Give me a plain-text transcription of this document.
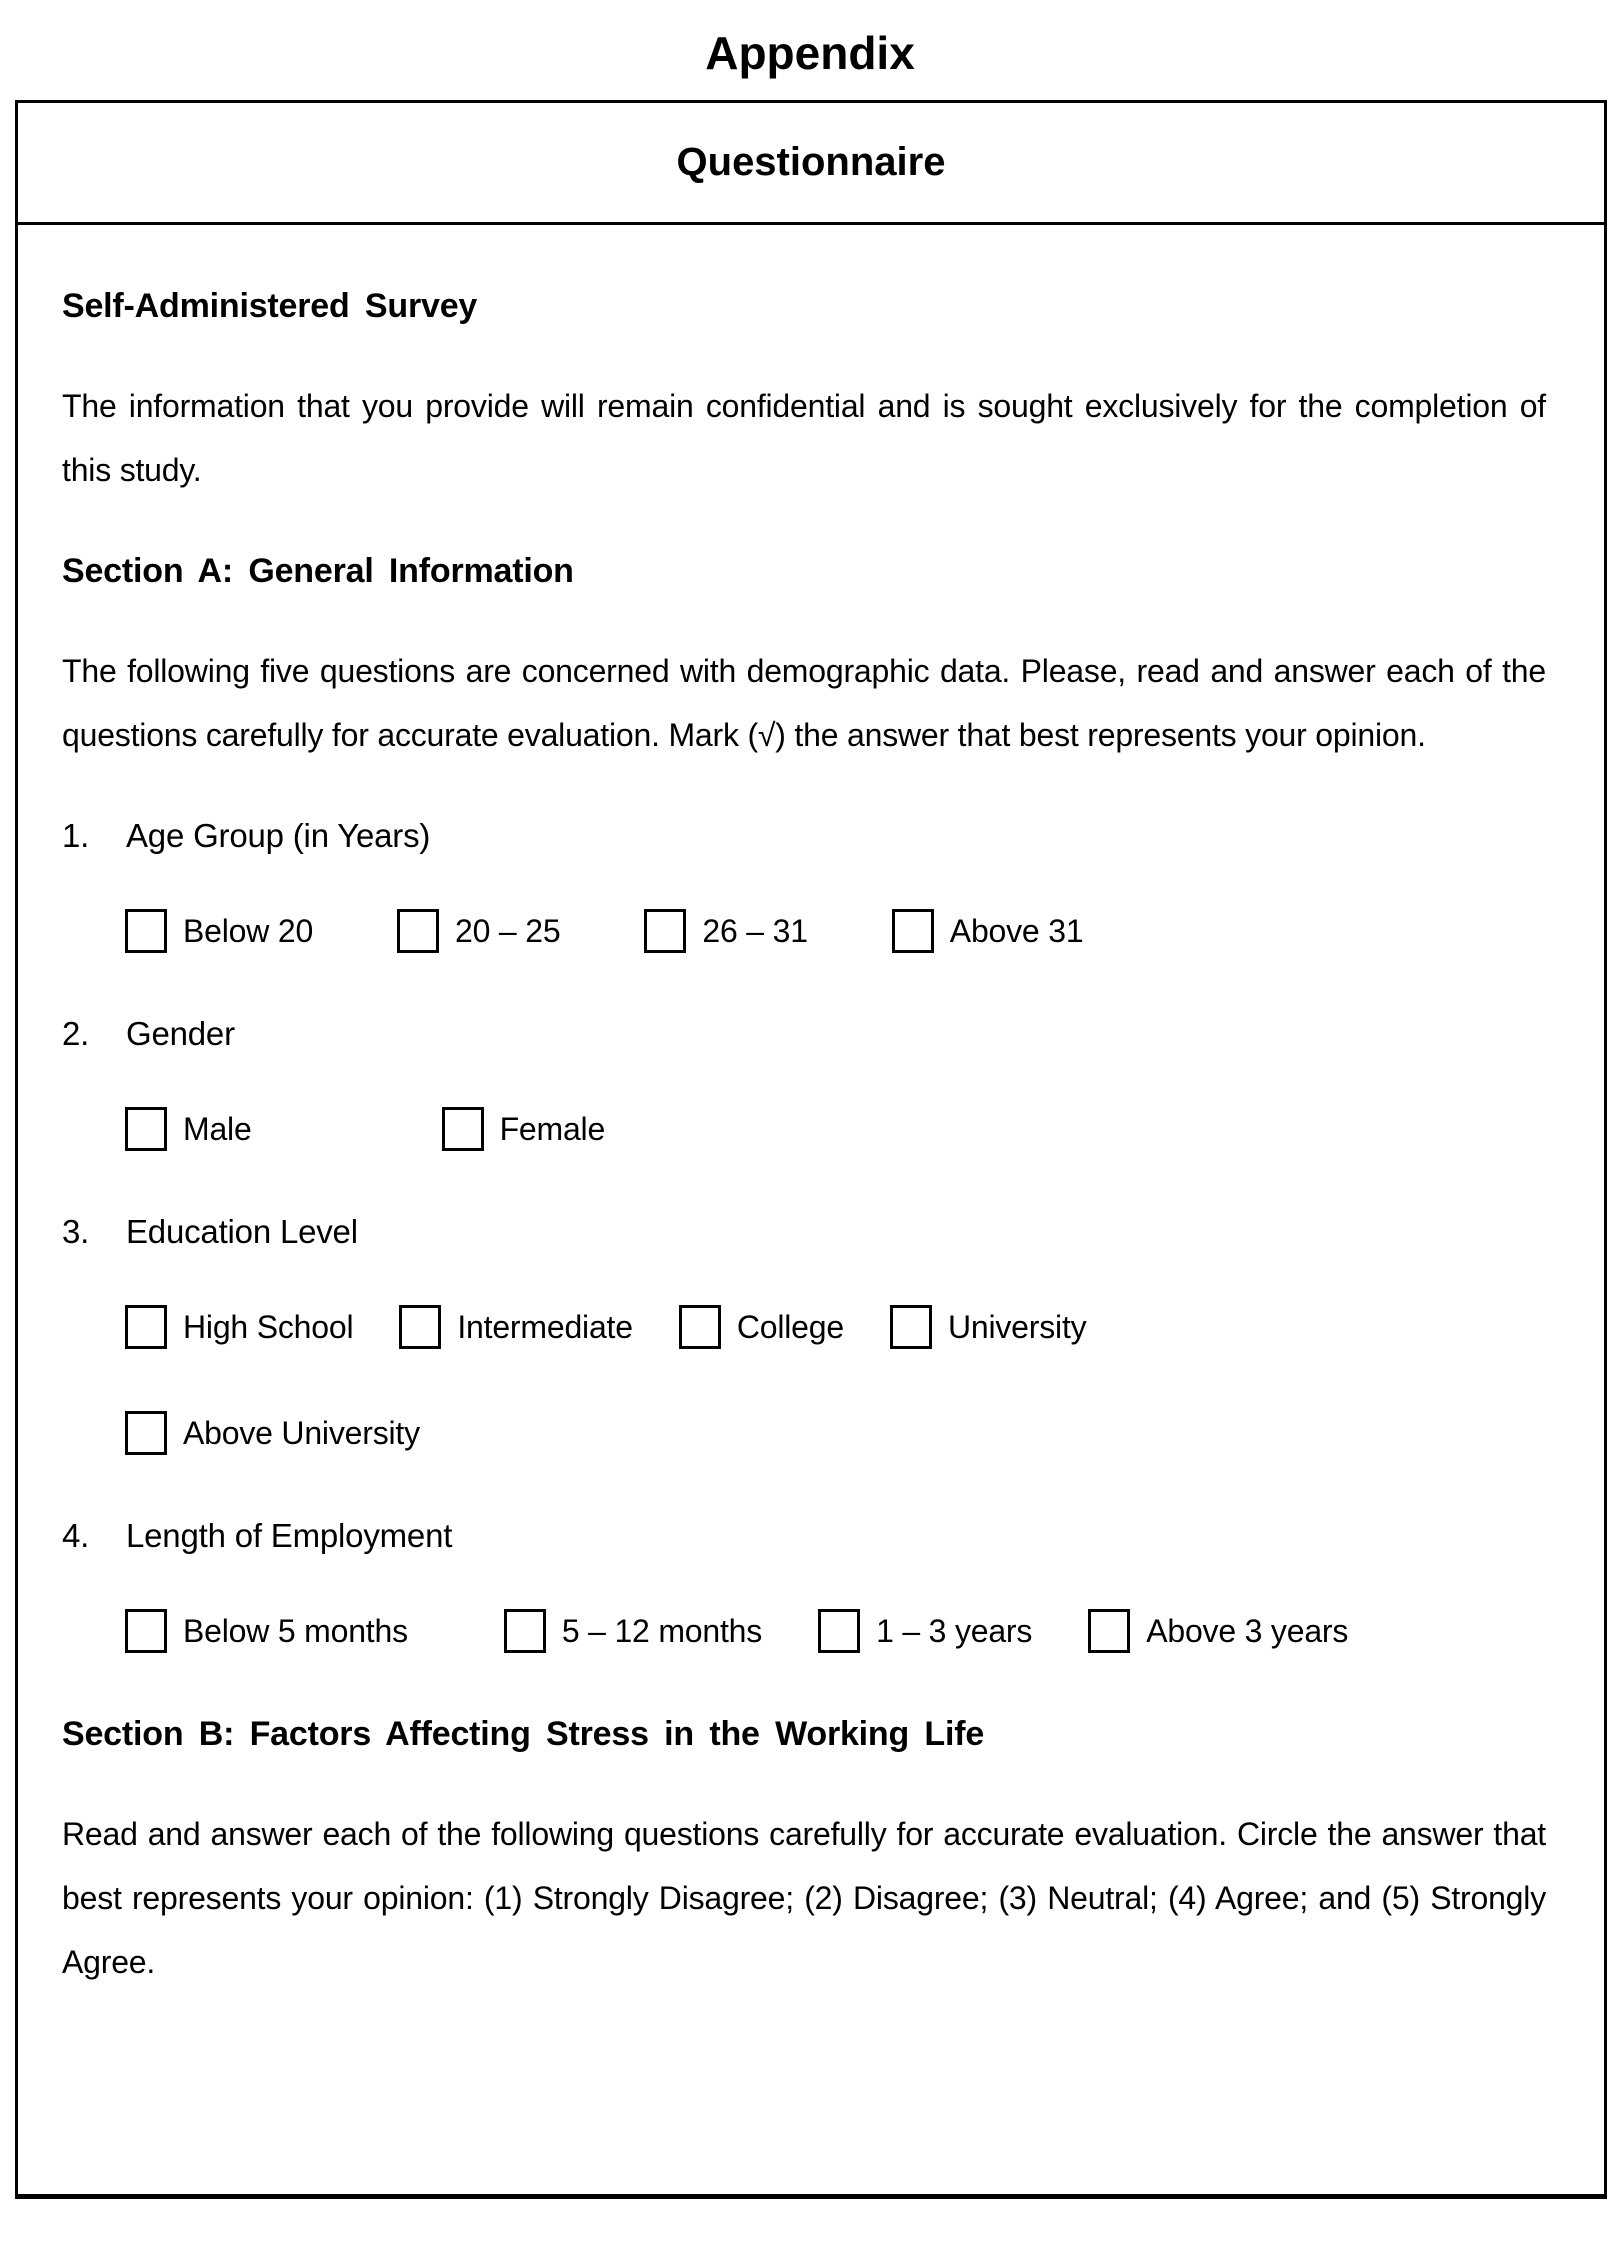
Appendix
Questionnaire
Self-Administered Survey

The information that you provide will remain confidential and is sought exclusively for the completion of this study.

Section A: General Information

The following five questions are concerned with demographic data. Please, read and answer each of the questions carefully for accurate evaluation. Mark (√) the answer that best represents your opinion.

1.	Age Group (in Years)
Below 20	20 – 25	26 – 31	Above 31
2.	Gender
Male	Female
3.	Education Level
High School	Intermediate	College	University
Above University
4.	Length of Employment
Below 5 months	5 – 12 months	1 – 3 years	Above 3 years
Section B: Factors Affecting Stress in the Working Life

Read and answer each of the following questions carefully for accurate evaluation. Circle the answer that best represents your opinion: (1) Strongly Disagree; (2) Disagree; (3) Neutral; (4) Agree; and (5) Strongly Agree.
